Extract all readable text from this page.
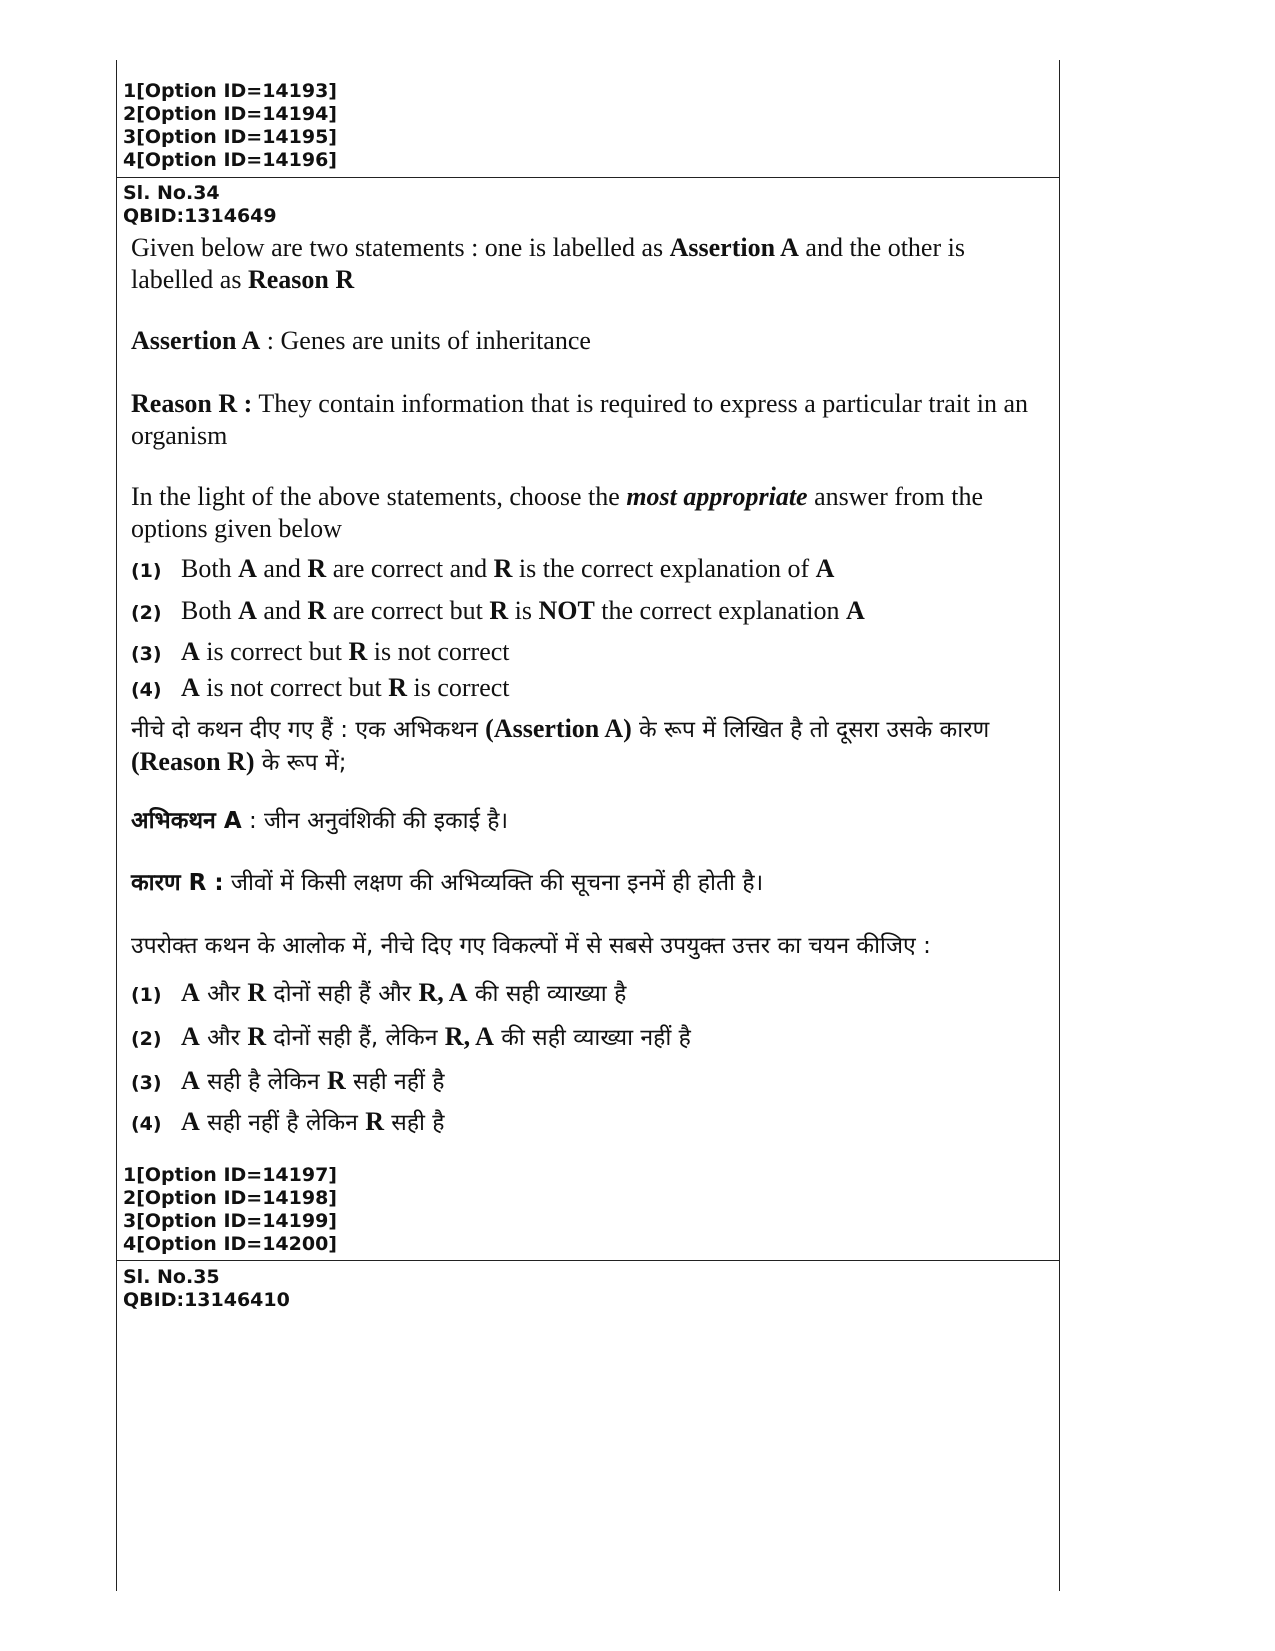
1[Option ID=14193]
2[Option ID=14194]
3[Option ID=14195]
4[Option ID=14196]
Sl. No.34
QBID:1314649
Given below are two statements : one is labelled as Assertion A and the other is labelled as Reason R
Assertion A : Genes are units of inheritance
Reason R : They contain information that is required to express a particular trait in an organism
In the light of the above statements, choose the most appropriate answer from the options given below
(1) Both A and R are correct and R is the correct explanation of A
(2) Both A and R are correct but R is NOT the correct explanation A
(3) A is correct but R is not correct
(4) A is not correct but R is correct
नीचे दो कथन दीए गए हैं : एक अभिकथन (Assertion A) के रूप में लिखित है तो दूसरा उसके कारण (Reason R) के रूप में;
अभिकथन A : जीन अनुवंशिकी की इकाई है।
कारण R : जीवों में किसी लक्षण की अभिव्यक्ति की सूचना इनमें ही होती है।
उपरोक्त कथन के आलोक में, नीचे दिए गए विकल्पों में से सबसे उपयुक्त उत्तर का चयन कीजिए :
(1) A और R दोनों सही हैं और R, A की सही व्याख्या है
(2) A और R दोनों सही हैं, लेकिन R, A की सही व्याख्या नहीं है
(3) A सही है लेकिन R सही नहीं है
(4) A सही नहीं है लेकिन R सही है
1[Option ID=14197]
2[Option ID=14198]
3[Option ID=14199]
4[Option ID=14200]
Sl. No.35
QBID:13146410
